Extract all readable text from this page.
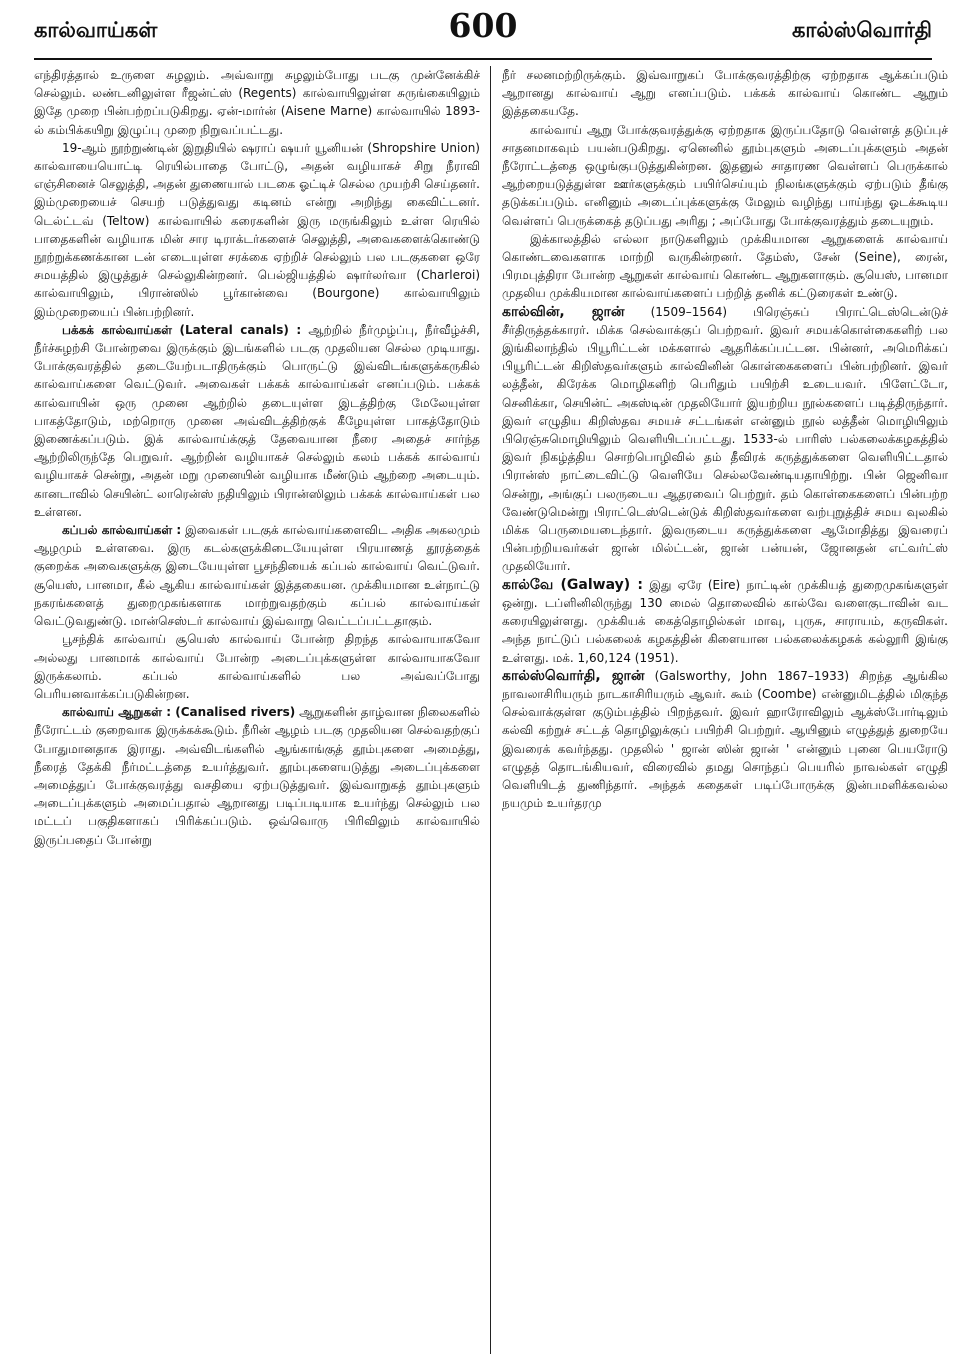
கால்வாய்கள்	600	கால்ஸ்வொர்தி

எந்திரத்தால் உருளை சுழலும். அவ்வாறு சுழலும்போது படகு முன்னேக்கிச் செல்லும். லண்டனிலுள்ள ரீஜன்ட்ஸ் (Regents) கால்வாயிலுள்ள சுருங்கையிலும் இதே முறை பின்பற்றப்படுகிறது. ஏன்-மார்ன் (Aisene Marne) கால்வாயில் 1893-ல் கம்பிக்கயிறு இழுப்பு முறை நிறுவப்பட்டது.

19-ஆம் நூற்றுண்டின் இறுதியில் ஷராப் ஷயர் யூனியன் (Shropshire Union) கால்வாயையொட்டி ரெயில்பாதை போட்டு, அதன் வழியாகச் சிறு நீராவி எஞ்சினைச் செலுத்தி, அதன் துணையால் படகை ஓட்டிச் செல்ல முயற்சி செய்தனர். இம்முறையைச் செயற் படுத்துவது கடினம் என்று அறிந்து கைவிட்டனர். டெல்ட்டவ் (Teltow) கால்வாயில் கரைகளின் இரு மருங்கிலும் உள்ள ரெயில் பாதைகளின் வழியாக மின் சார டிராக்டர்களைச் செலுத்தி, அவைகளைக்கொண்டு நூற்றுக்கணக்கான டன் எடையுள்ள சரக்கை ஏற்றிச் செல்லும் பல படகுகளை ஒரே சமயத்தில் இழுத்துச் செல்லுகின்றனர். பெல்ஜியத்தில் ஷார்லர்வா (Charleroi) கால்வாயிலும், பிரான்ஸில் பூர்கான்வை (Bourgone) கால்வாயிலும் இம்முறையைப் பின்பற்றினர்.

பக்கக் கால்வாய்கள் (Lateral canals) : ஆற்றில் நீர்முழ்ப்பு, நீர்வீழ்ச்சி, நீர்ச்சுழற்சி போன்றவை இருக்கும் இடங்களில் படகு முதலியன செல்ல முடியாது. போக்குவரத்தில் தடையேற்படாதிருக்கும் பொருட்டு இவ்விடங்களுக்கருகில் கால்வாய்களை வெட்டுவர். அவைகள் பக்கக் கால்வாய்கள் எனப்படும். பக்கக் கால்வாயின் ஒரு முனை ஆற்றில் தடையுள்ள இடத்திற்கு மேலேயுள்ள பாகத்தோடும், மற்றொரு முனை அவ்விடத்திற்குக் கீழேயுள்ள பாகத்தோடும் இணைக்கப்படும். இக் கால்வாய்க்குத் தேவையான நீரை அதைச் சார்ந்த ஆற்றிலிருந்தே பெறுவர். ஆற்றின் வழியாகச் செல்லும் கலம் பக்கக் கால்வாய் வழியாகச் சென்று, அதன் மறு முனையின் வழியாக மீண்டும் ஆற்றை அடையும். கானடாவில் செயின்ட் லாரென்ஸ் நதியிலும் பிரான்ஸிலும் பக்கக் கால்வாய்கள் பல உள்ளன.

கப்பல் கால்வாய்கள் : இவைகள் படகுக் கால்வாய்களைவிட அதிக அகலமும் ஆழமும் உள்ளவை. இரு கடல்களுக்கிடையேயுள்ள பிரயாணத் தூரத்தைக் குறைக்க அவைகளுக்கு இடையேயுள்ள பூசந்தியைக் கப்பல் கால்வாய் வெட்டுவர். சூயெஸ், பானமா, கீல் ஆகிய கால்வாய்கள் இத்தகையன. முக்கியமான உள்நாட்டு நகரங்களைத் துறைமுகங்களாக மாற்றுவதற்கும் கப்பல் கால்வாய்கள் வெட்டுவதுண்டு. மான்செஸ்டர் கால்வாய் இவ்வாறு வெட்டப்பட்டதாகும்.

பூசந்திக் கால்வாய் சூயெஸ் கால்வாய் போன்ற திறந்த கால்வாயாகவோ அல்லது பானமாக் கால்வாய் போன்ற அடைப்புக்களுள்ள கால்வாயாகவோ இருக்கலாம். கப்பல் கால்வாய்களில் பல அவ்வப்போது பெரியனவாக்கப்படுகின்றன.

கால்வாய் ஆறுகள் : (Canalised rivers) ஆறுகளின் தாழ்வான நிலைகளில் நீரோட்டம் குறைவாக இருக்கக்கூடும். நீரின் ஆழம் படகு முதலியன செல்வதற்குப் போதுமானதாக இராது. அவ்விடங்களில் ஆங்காங்குத் தூம்புகளை அமைத்து, நீரைத் தேக்கி நீர்மட்டத்தை உயர்த்துவர். தூம்புகளையடுத்து அடைப்புக்களை அமைத்துப் போக்குவரத்து வசதியை ஏற்படுத்துவர். இவ்வாறுகத் தூம்புகளும் அடைப்புக்களும் அமைப்பதால் ஆறானது படிப்படியாக உயர்ந்து செல்லும் பல மட்டப் பகுதிகளாகப் பிரிக்கப்படும். ஒவ்வொரு பிரிவிலும் கால்வாயில் இருப்பதைப் போன்று

நீர் சலனமற்றிருக்கும். இவ்வாறுகப் போக்குவரத்திற்கு ஏற்றதாக ஆக்கப்படும் ஆறானது கால்வாய் ஆறு எனப்படும். பக்கக் கால்வாய் கொண்ட ஆறும் இத்தகையதே.

கால்வாய் ஆறு போக்குவரத்துக்கு ஏற்றதாக இருப்பதோடு வெள்ளத் தடுப்புச் சாதனமாகவும் பயன்படுகிறது. ஏனெனில் தூம்புகளும் அடைப்புக்களும் அதன் நீரோட்டத்தை ஒழுங்குபடுத்துகின்றன. இதனுல் சாதாரண வெள்ளப் பெருக்கால் ஆற்றையடுத்துள்ள ஊர்களுக்கும் பயிர்செய்யும் நிலங்களுக்கும் ஏற்படும் தீங்கு தடுக்கப்படும். எனினும் அடைப்புக்களுக்கு மேலும் வழிந்து பாய்ந்து ஓடக்கூடிய வெள்ளப் பெருக்கைத் தடுப்பது அரிது ; அப்போது போக்குவரத்தும் தடையுறும்.

இக்காலத்தில் எல்லா நாடுகளிலும் முக்கியமான ஆறுகளைக் கால்வாய் கொண்டவைகளாக மாற்றி வருகின்றனர். தேம்ஸ், சேன் (Seine), ரைன், பிரமபுத்திரா போன்ற ஆறுகள் கால்வாய் கொண்ட ஆறுகளாகும். சூயெஸ், பானமா முதலிய முக்கியமான கால்வாய்களைப் பற்றித் தனிக் கட்டுரைகள் உண்டு.

கால்வின், ஜான் (1509–1564) பிரெஞ்சுப் பிராட்டெஸ்டென்டுச் சீர்திருத்தக்காரர். மிக்க செல்வாக்குப் பெற்றவர். இவர் சமயக்கொள்கைகளிற் பல இங்கிலாந்தில் பியூரிட்டன் மக்களால் ஆதரிக்கப்பட்டன. பின்னர், அமெரிக்கப் பியூரிட்டன் கிறிஸ்தவர்களும் கால்வினின் கொள்கைகளைப் பின்பற்றினர். இவர் லத்தீன், கிரேக்க மொழிகளிற் பெரிதும் பயிற்சி உடையவர். பிளேட்டோ, செனிக்கா, செயின்ட் அகஸ்டின் முதலியோர் இயற்றிய நூல்களைப் படித்திருந்தார். இவர் எழுதிய கிறிஸ்தவ சமயச் சட்டங்கள் என்னும் நூல் லத்தீன் மொழியிலும் பிரெஞ்சுமொழியிலும் வெளியிடப்பட்டது. 1533-ல் பாரிஸ் பல்கலைக்கழகத்தில் இவர் நிகழ்த்திய சொற்பொழிவில் தம் தீவிரக் கருத்துக்களை வெளியிட்டதால் பிரான்ஸ் நாட்டைவிட்டு வெளியே செல்லவேண்டியதாயிற்று. பின் ஜெனிவா சென்று, அங்குப் பலருடைய ஆதரவைப் பெற்றுர். தம் கொள்கைகளைப் பின்பற்ற வேண்டுமென்று பிராட்டெஸ்டென்டுக் கிறிஸ்தவர்களை வற்புறுத்திச் சமய வுலகில் மிக்க பெருமையடைந்தார். இவருடைய கருத்துக்களை ஆமோதித்து இவரைப் பின்பற்றியவர்கள் ஜான் மில்ட்டன், ஜான் பன்யன், ஜோனதன் எட்வர்ட்ஸ் முதலியோர்.

கால்வே (Galway) : இது ஏரே (Eire) நாட்டின் முக்கியத் துறைமுகங்களுள் ஒன்று. டப்ளினிலிருந்து 130 மைல் தொலைவில் கால்வே வளைகுடாவின் வட கரையிலுள்ளது. முக்கியக் கைத்தொழில்கள் மாவு, புருசு, சாராயம், கருவிகள். அந்த நாட்டுப் பல்கலைக் கழகத்தின் கிளையான பல்கலைக்கழகக் கல்லூரி இங்கு உள்ளது. மக். 1,60,124 (1951).

கால்ஸ்வொர்தி, ஜான் (Galsworthy, John 1867–1933) சிறந்த ஆங்கில நாவலாசிரியரும் நாடகாசிரியரும் ஆவர். கூம் (Coombe) என்னுமிடத்தில் மிகுந்த செல்வாக்குள்ள குடும்பத்தில் பிறந்தவர். இவர் ஹாரோவிலும் ஆக்ஸ்போர்டிலும் கல்வி கற்றுச் சட்டத் தொழிலுக்குப் பயிற்சி பெற்றுர். ஆயினும் எழுத்துத் துறையே இவரைக் கவர்ந்தது. முதலில் ' ஜான் ஸின் ஜான் ' என்னும் புனை பெயரோடு எழுதத் தொடங்கியவர், விரைவில் தமது சொந்தப் பெயரில் நாவல்கள் எழுதி வெளியிடத் துணிந்தார். அந்தக் கதைகள் படிப்போருக்கு இன்பமளிக்கவல்ல நயமும் உயர்தரமு
